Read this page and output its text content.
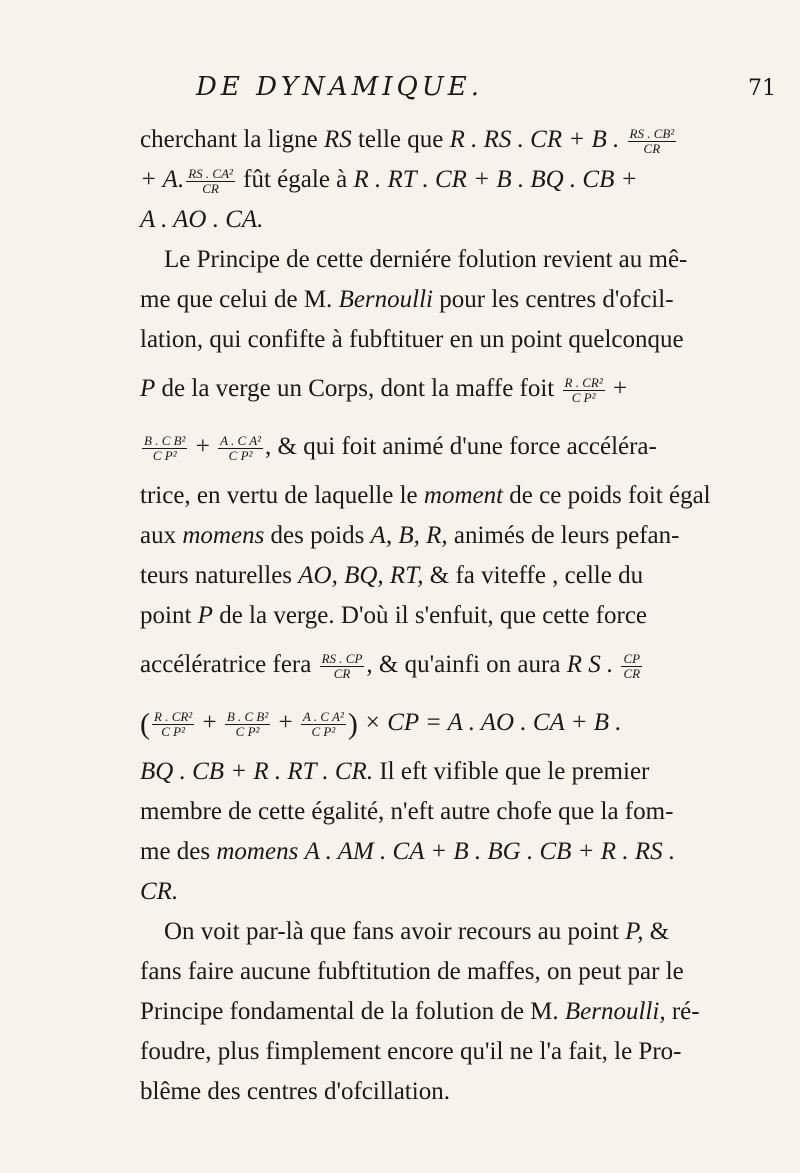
DE DYNAMIQUE.	71
cherchant la ligne RS telle que R . RS . CR + B . $\frac{\text{RS . CB²}}{CR}$
+ A. $\frac{\text{RS . CA²}}{CR}$ fût égale à R . RT . CR + B . BQ . CB +
A . AO . CA.
Le Principe de cette derniére folution revient au mê-
me que celui de M. Bernoulli pour les centres d'ofcil-
lation, qui confifte à fubftituer en un point quelconque
P de la verge un Corps, dont la maffe foit $\frac{\text{R . CR²}}{\text{C P²}}$ +
$\frac{\text{B . C B²}}{\text{C P²}} + \frac{\text{A . C A²}}{\text{C P²}}$ , & qui foit animé d'une force accéléra-
trice, en vertu de laquelle le moment de ce poids foit égal
aux momens des poids A, B, R, animés de leurs pefan-
teurs naturelles AO, BQ, RT, & fa viteffe , celle du
point P de la verge. D'où il s'enfuit, que cette force
accélératrice fera $\frac{RS . CP}{CR}$ , & qu'ainfi on aura R S . $\frac{CP}{CR}$
( $\frac{\text{R . CR²}}{\text{C P²}} + \frac{\text{B . C B²}}{\text{C P²}} + \frac{\text{A . C A²}}{\text{C P²}}$ ) × CP = A . AO . CA + B .
BQ . CB + R . RT . CR. Il eft vifible que le premier
membre de cette égalité, n'eft autre chofe que la fom-
me des momens A . AM . CA + B . BG . CB + R . RS .
CR.
On voit par-là que fans avoir recours au point P, &
fans faire aucune fubftitution de maffes, on peut par le
Principe fondamental de la folution de M. Bernoulli, ré-
foudre, plus fimplement encore qu'il ne l'a fait, le Pro-
blême des centres d'ofcillation.
